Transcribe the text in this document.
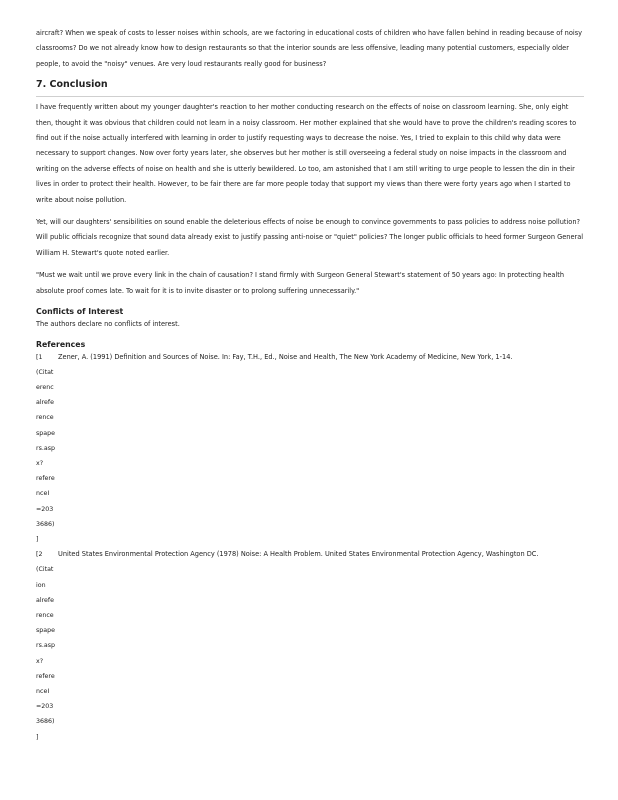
aircraft? When we speak of costs to lesser noises within schools, are we factoring in educational costs of children who have fallen behind in reading because of noisy classrooms? Do we not already know how to design restaurants so that the interior sounds are less offensive, leading many potential customers, especially older people, to avoid the "noisy" venues. Are very loud restaurants really good for business?

7. Conclusion

I have frequently written about my younger daughter's reaction to her mother conducting research on the effects of noise on classroom learning. She, only eight then, thought it was obvious that children could not learn in a noisy classroom. Her mother explained that she would have to prove the children's reading scores to find out if the noise actually interfered with learning in order to justify requesting ways to decrease the noise. Yes, I tried to explain to this child why data were necessary to support changes. Now over forty years later, she observes but her mother is still overseeing a federal study on noise impacts in the classroom and writing on the adverse effects of noise on health and she is utterly bewildered. Lo too, am astonished that I am still writing to urge people to lessen the din in their lives in order to protect their health. However, to be fair there are far more people today that support my views than there were forty years ago when I started to write about noise pollution.

Yet, will our daughters' sensibilities on sound enable the deleterious effects of noise be enough to convince governments to pass policies to address noise pollution? Will public officials recognize that sound data already exist to justify passing anti-noise or "quiet" policies? The longer public officials to heed former Surgeon General William H. Stewart's quote noted earlier.

"Must we wait until we prove every link in the chain of causation? I stand firmly with Surgeon General Stewart's statement of 50 years ago: In protecting health absolute proof comes late. To wait for it is to invite disaster or to prolong suffering unnecessarily."

Conflicts of Interest

The authors declare no conflicts of interest.

References
[1
(Citat
erenc
alrefe
rence
spape
rs.asp
x?
refere
nceI
=203
3686)
]
Zener, A. (1991) Definition and Sources of Noise. In: Fay, T.H., Ed., Noise and Health, The New York Academy of Medicine, New York, 1-14.
[2
(Citat
ion
alrefe
rence
spape
rs.asp
x?
refere
nceI
=203
3686)
]
United States Environmental Protection Agency (1978) Noise: A Health Problem. United States Environmental Protection Agency, Washington DC.
